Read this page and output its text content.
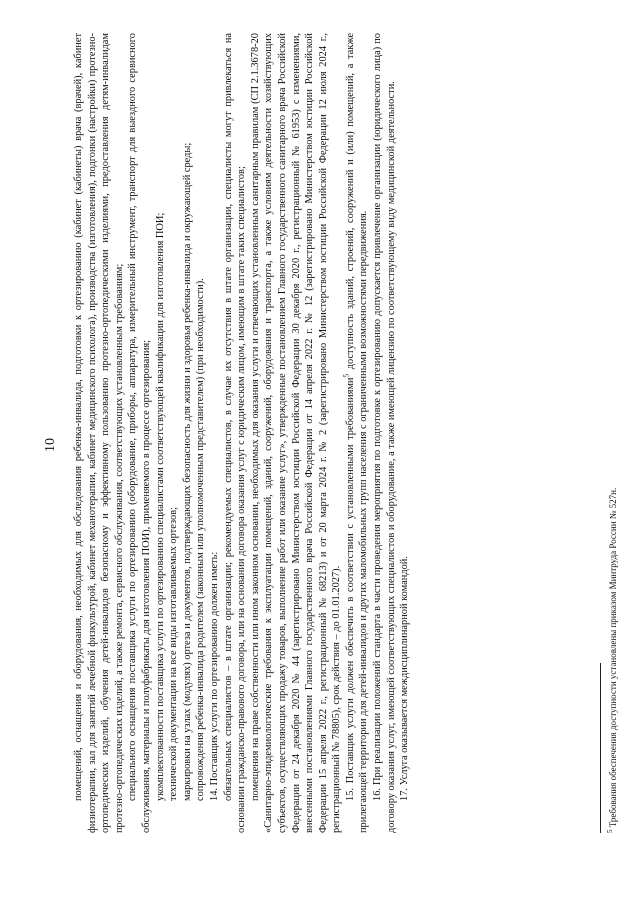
10 помещений, оснащения и оборудования, необходимых для обследования ребенка-инвалида, подготовки к ортезированию (кабинет (кабинеты) врача (врачей), кабинет физиотерапии, зал для занятий лечебной физкультурой, кабинет механотерапии, кабинет медицинского психолога), производства (изготовления), подгонки (настройки) протезно-ортопедических изделий, обучения детей-инвалидов безопасному и эффективному пользованию протезно-ортопедическими изделиями, предоставления детям-инвалидам протезно-ортопедических изделий, а также ремонта, сервисного обслуживания, соответствующих установленным требованиям; специального оснащения поставщика услуги по ортезированию (оборудование, приборы, аппаратура, измерительный инструмент, транспорт для выездного сервисного обслуживания, материалы и полуфабрикаты для изготовления ПОИ), применяемого в процессе ортезирования; укомплектованности поставщика услуги по ортезированию специалистами соответствующей квалификации для изготовления ПОИ; технической документации на все виды изготавливаемых ортезов; маркировки на узлах (модулях) ортеза и документов, подтверждающих безопасность для жизни и здоровья ребенка-инвалида и окружающей среды; сопровождения ребенка-инвалида родителем (законным или уполномоченным представителем) (при необходимости). 14. Поставщик услуги по ортезированию должен иметь: обязательных специалистов – в штате организации; рекомендуемых специалистов, в случае их отсутствия в штате организации, специалисты могут привлекаться на основании гражданско-правового договора, или на основании договора оказания услуг с юридическим лицом, имеющим в штате таких специалистов; помещения на праве собственности или ином законном основании, необходимых для оказания услуги и отвечающих установленным санитарным правилам (СП 2.1.3678-20 «Санитарно-эпидемиологические требования к эксплуатации помещений, зданий, сооружений, оборудования и транспорта, а также условиям деятельности хозяйствующих субъектов, осуществляющих продажу товаров, выполнение работ или оказание услуг», утвержденные постановлением Главного государственного санитарного врача Российской Федерации от 24 декабря 2020 № 44 (зарегистрировано Министерством юстиции Российской Федерации 30 декабря 2020 г., регистрационный № 61953) с изменениями, внесенными постановлениями Главного государственного врача Российской Федерации от 14 апреля 2022 г. № 12 (зарегистрировано Министерством юстиции Российской Федерации 15 апреля 2022 г., регистрационный № 68213) и от 20 марта 2024 г. № 2 (зарегистрировано Министерством юстиции Российской Федерации 12 июля 2024 г., регистрационный № 78805), срок действия – до 01.01.2027). 15. Поставщик услуги должен обеспечить в соответствии с установленными требованиями$^5$ доступность зданий, строений, сооружений и (или) помещений, а также прилегающей территории для детей-инвалидов и других маломобильных групп населения с ограниченными возможностями передвижения. 16. При реализации положений стандарта в части проведения мероприятия по подготовке к ортезированию допускается привлечение организации (юридического лица) по договору оказания услуг, имеющей соответствующих специалистов и оборудование, а также имеющей лицензию по соответствующему виду медицинской деятельности. 17. Услуга оказывается междисциплинарной командой.

$^5$ Требования обеспечения доступности установлены приказом Минтруда России № 527н.
